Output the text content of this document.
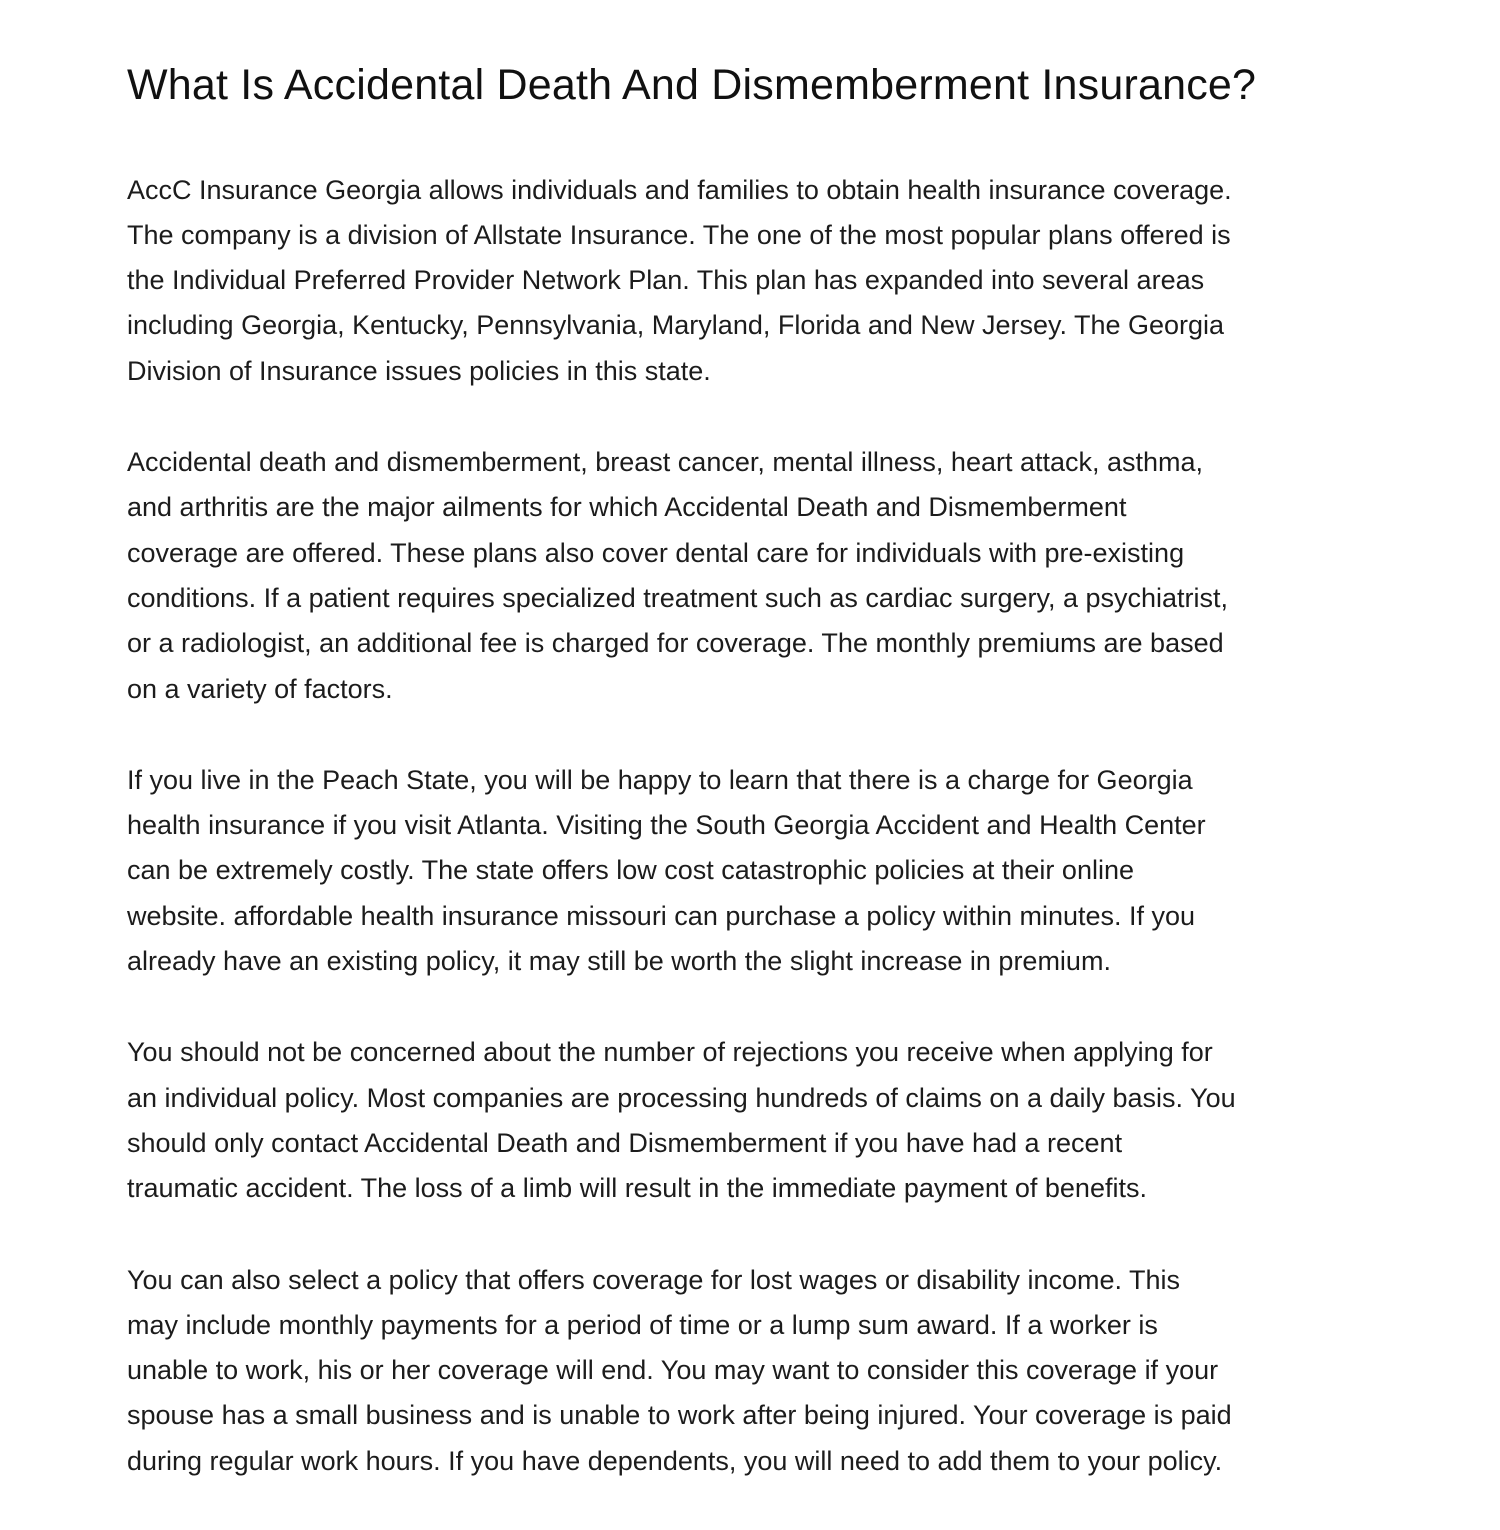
What Is Accidental Death And Dismemberment Insurance?

AccC Insurance Georgia allows individuals and families to obtain health insurance coverage.
The company is a division of Allstate Insurance. The one of the most popular plans offered is
the Individual Preferred Provider Network Plan. This plan has expanded into several areas
including Georgia, Kentucky, Pennsylvania, Maryland, Florida and New Jersey. The Georgia
Division of Insurance issues policies in this state.

Accidental death and dismemberment, breast cancer, mental illness, heart attack, asthma,
and arthritis are the major ailments for which Accidental Death and Dismemberment
coverage are offered. These plans also cover dental care for individuals with pre-existing
conditions. If a patient requires specialized treatment such as cardiac surgery, a psychiatrist,
or a radiologist, an additional fee is charged for coverage. The monthly premiums are based
on a variety of factors.

If you live in the Peach State, you will be happy to learn that there is a charge for Georgia
health insurance if you visit Atlanta. Visiting the South Georgia Accident and Health Center
can be extremely costly. The state offers low cost catastrophic policies at their online
website. affordable health insurance missouri can purchase a policy within minutes. If you
already have an existing policy, it may still be worth the slight increase in premium.

You should not be concerned about the number of rejections you receive when applying for
an individual policy. Most companies are processing hundreds of claims on a daily basis. You
should only contact Accidental Death and Dismemberment if you have had a recent
traumatic accident. The loss of a limb will result in the immediate payment of benefits.

You can also select a policy that offers coverage for lost wages or disability income. This
may include monthly payments for a period of time or a lump sum award. If a worker is
unable to work, his or her coverage will end. You may want to consider this coverage if your
spouse has a small business and is unable to work after being injured. Your coverage is paid
during regular work hours. If you have dependents, you will need to add them to your policy.
